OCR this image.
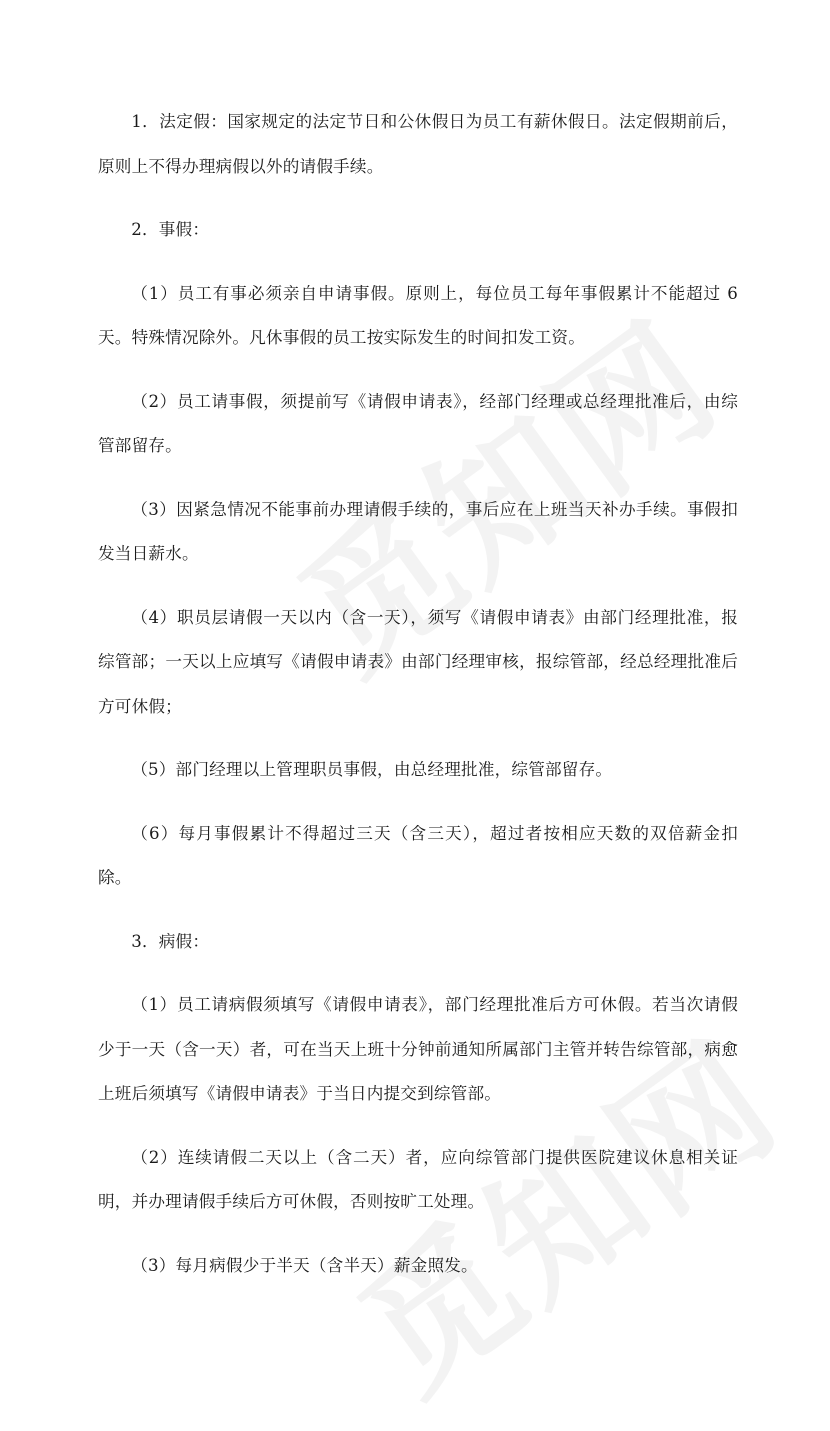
1．法定假：国家规定的法定节日和公休假日为员工有薪休假日。法定假期前后，原则上不得办理病假以外的请假手续。

2．事假：

（1）员工有事必须亲自申请事假。原则上，每位员工每年事假累计不能超过 6 天。特殊情况除外。凡休事假的员工按实际发生的时间扣发工资。

（2）员工请事假，须提前写《请假申请表》，经部门经理或总经理批准后，由综管部留存。

（3）因紧急情况不能事前办理请假手续的，事后应在上班当天补办手续。事假扣发当日薪水。

（4）职员层请假一天以内（含一天），须写《请假申请表》由部门经理批准，报综管部；一天以上应填写《请假申请表》由部门经理审核，报综管部，经总经理批准后方可休假；

（5）部门经理以上管理职员事假，由总经理批准，综管部留存。

（6）每月事假累计不得超过三天（含三天），超过者按相应天数的双倍薪金扣除。

3．病假：

（1）员工请病假须填写《请假申请表》，部门经理批准后方可休假。若当次请假少于一天（含一天）者，可在当天上班十分钟前通知所属部门主管并转告综管部，病愈上班后须填写《请假申请表》于当日内提交到综管部。

（2）连续请假二天以上（含二天）者，应向综管部门提供医院建议休息相关证明，并办理请假手续后方可休假，否则按旷工处理。

（3）每月病假少于半天（含半天）薪金照发。
